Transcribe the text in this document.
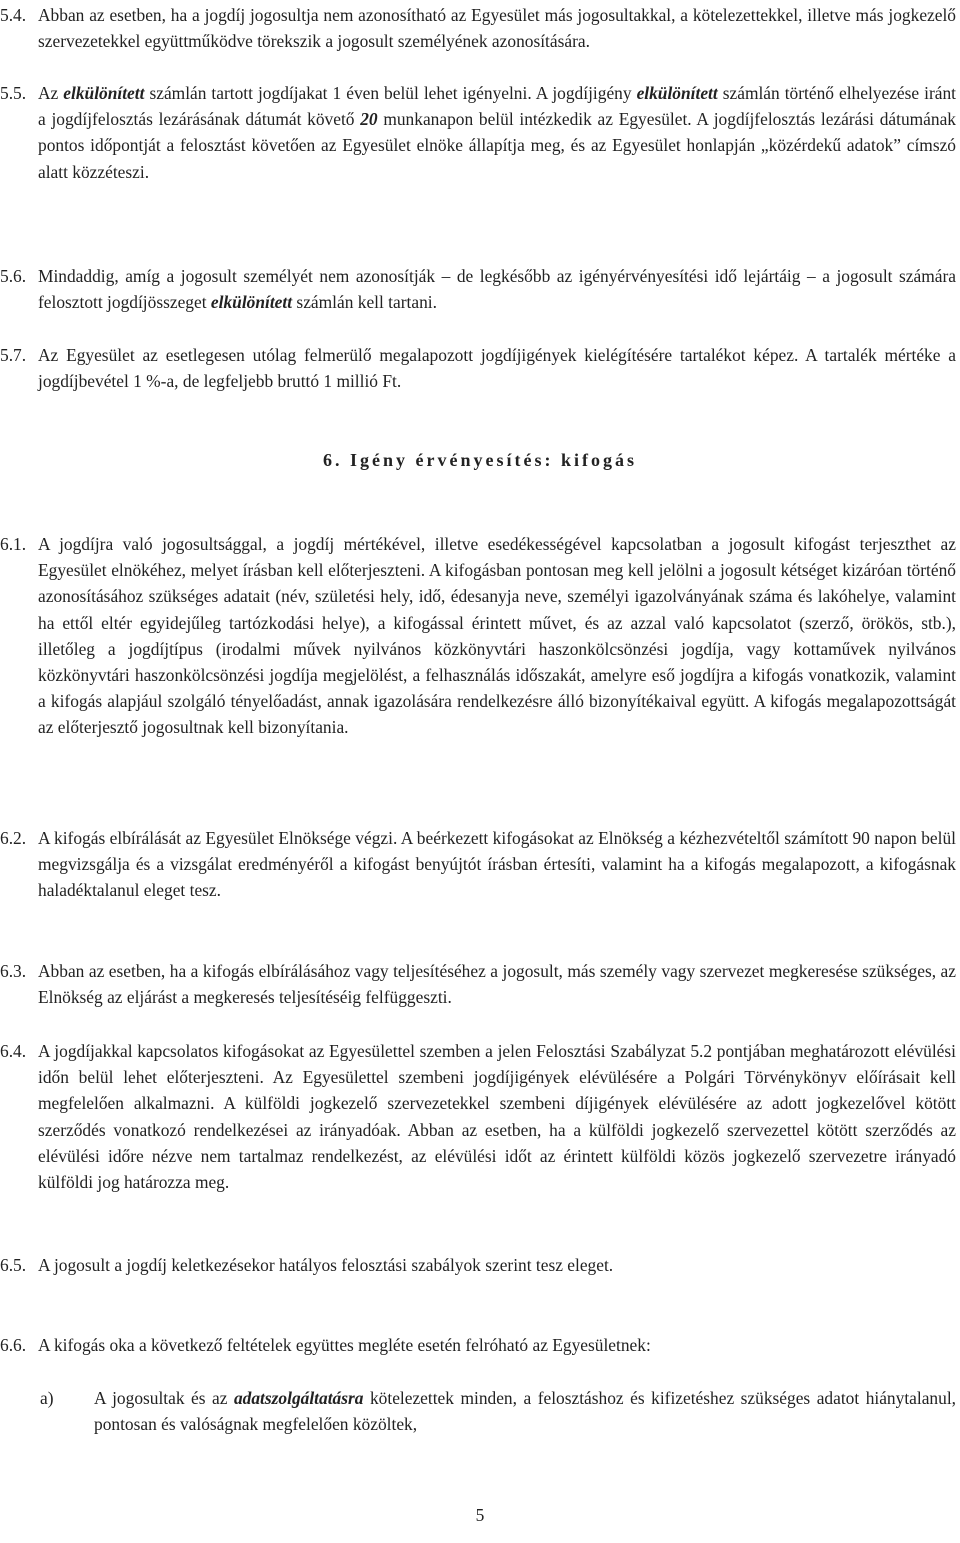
5.4. Abban az esetben, ha a jogdíj jogosultja nem azonosítható az Egyesület más jogosultakkal, a kötelezettekkel, illetve más jogkezelő szervezetekkel együttműködve törekszik a jogosult személyének azonosítására.
5.5. Az elkülönített számlán tartott jogdíjakat 1 éven belül lehet igényelni. A jogdíjigény elkülönített számlán történő elhelyezése iránt a jogdíjfelosztás lezárásának dátumát követő 20 munkanapon belül intézkedik az Egyesület. A jogdíjfelosztás lezárási dátumának pontos időpontját a felosztást követően az Egyesület elnöke állapítja meg, és az Egyesület honlapján „közérdekű adatok” címszó alatt közzéteszi.
5.6. Mindaddig, amíg a jogosult személyét nem azonosítják – de legkésőbb az igényérvényesítési idő lejártáig – a jogosult számára felosztott jogdíjösszeget elkülönített számlán kell tartani.
5.7. Az Egyesület az esetlegesen utólag felmerülő megalapozott jogdíjigények kielégítésére tartalékot képez. A tartalék mértéke a jogdíjbevétel 1 %-a, de legfeljebb bruttó 1 millió Ft.
6. Igény érvényesítés: kifogás
6.1. A jogdíjra való jogosultsággal, a jogdíj mértékével, illetve esedékességével kapcsolatban a jogosult kifogást terjeszthet az Egyesület elnökéhez, melyet írásban kell előterjeszteni. A kifogásban pontosan meg kell jelölni a jogosult kétséget kizáróan történő azonosításához szükséges adatait (név, születési hely, idő, édesanyja neve, személyi igazolványának száma és lakóhelye, valamint ha ettől eltér egyidejűleg tartózkodási helye), a kifogással érintett művet, és az azzal való kapcsolatot (szerző, örökös, stb.), illetőleg a jogdíjtípus (irodalmi művek nyilvános közkönyvtári haszonkölcsönzési jogdíja, vagy kottaművek nyilvános közkönyvtári haszonkölcsönzési jogdíja megjelölést, a felhasználás időszakát, amelyre eső jogdíjra a kifogás vonatkozik, valamint a kifogás alapjául szolgáló tényelőadást, annak igazolására rendelkezésre álló bizonyítékaival együtt. A kifogás megalapozottságát az előterjesztő jogosultnak kell bizonyítania.
6.2. A kifogás elbírálását az Egyesület Elnöksége végzi. A beérkezett kifogásokat az Elnökség a kézhezvételtől számított 90 napon belül megvizsgálja és a vizsgálat eredményéről a kifogást benyújtót írásban értesíti, valamint ha a kifogás megalapozott, a kifogásnak haladéktalanul eleget tesz.
6.3. Abban az esetben, ha a kifogás elbírálásához vagy teljesítéséhez a jogosult, más személy vagy szervezet megkeresése szükséges, az Elnökség az eljárást a megkeresés teljesítéséig felfüggeszti.
6.4. A jogdíjakkal kapcsolatos kifogásokat az Egyesülettel szemben a jelen Felosztási Szabályzat 5.2 pontjában meghatározott elévülési időn belül lehet előterjeszteni. Az Egyesülettel szembeni jogdíjigények elévülésére a Polgári Törvénykönyv előírásait kell megfelelően alkalmazni. A külföldi jogkezelő szervezetekkel szembeni díjigények elévülésére az adott jogkezelővel kötött szerződés vonatkozó rendelkezései az irányadóak. Abban az esetben, ha a külföldi jogkezelő szervezettel kötött szerződés az elévülési időre nézve nem tartalmaz rendelkezést, az elévülési időt az érintett külföldi közös jogkezelő szervezetre irányadó külföldi jog határozza meg.
6.5. A jogosult a jogdíj keletkezésekor hatályos felosztási szabályok szerint tesz eleget.
6.6. A kifogás oka a következő feltételek együttes megléte esetén felróható az Egyesületnek:
a)	A jogosultak és az adatszolgáltatásra kötelezettek minden, a felosztáshoz és kifizetéshez szükséges adatot hiánytalanul, pontosan és valóságnak megfelelően közöltek,
5
